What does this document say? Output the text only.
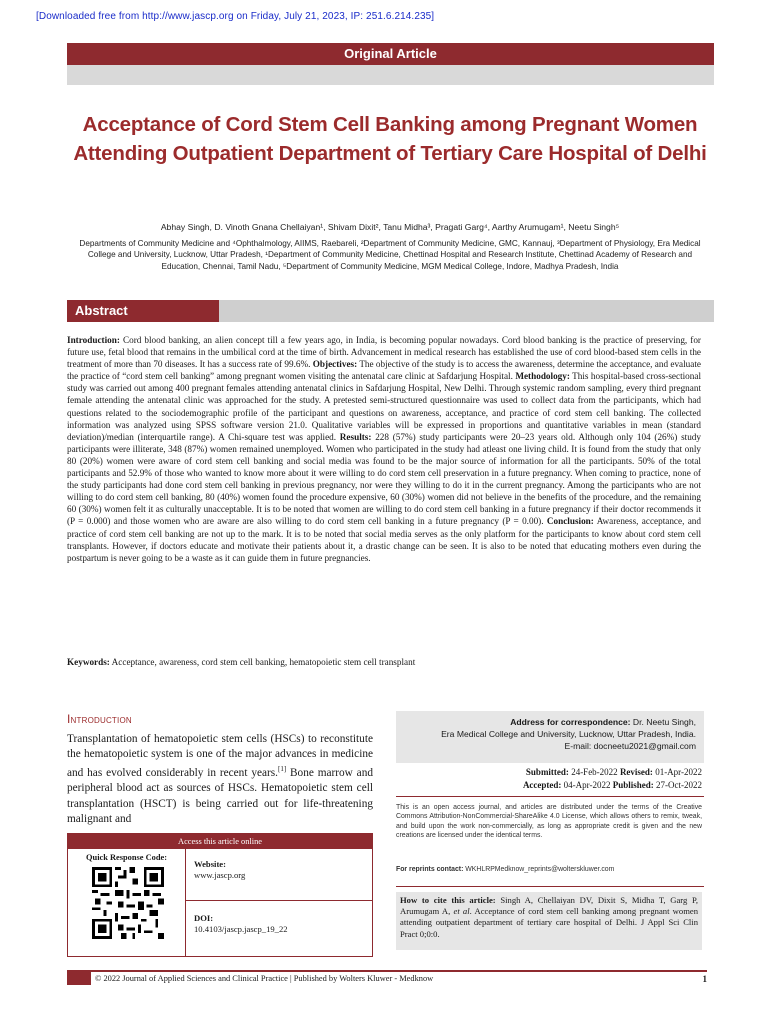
[Downloaded free from http://www.jascp.org on Friday, July 21, 2023, IP: 251.6.214.235]
Original Article
Acceptance of Cord Stem Cell Banking among Pregnant Women Attending Outpatient Department of Tertiary Care Hospital of Delhi
Abhay Singh, D. Vinoth Gnana Chellaiyan¹, Shivam Dixit², Tanu Midha³, Pragati Garg⁴, Aarthy Arumugam¹, Neetu Singh⁵
Departments of Community Medicine and ⁴Ophthalmology, AIIMS, Raebareli, ²Department of Community Medicine, GMC, Kannauj, ³Department of Physiology, Era Medical College and University, Lucknow, Uttar Pradesh, ¹Department of Community Medicine, Chettinad Hospital and Research Institute, Chettinad Academy of Research and Education, Chennai, Tamil Nadu, ⁵Department of Community Medicine, MGM Medical College, Indore, Madhya Pradesh, India
Abstract
Introduction: Cord blood banking, an alien concept till a few years ago, in India, is becoming popular nowadays. Cord blood banking is the practice of preserving, for future use, fetal blood that remains in the umbilical cord at the time of birth. Advancement in medical research has established the use of cord blood-based stem cells in the treatment of more than 70 diseases. It has a success rate of 99.6%. Objectives: The objective of the study is to access the awareness, determine the acceptance, and evaluate the practice of “cord stem cell banking” among pregnant women visiting the antenatal care clinic at Safdarjung Hospital. Methodology: This hospital-based cross-sectional study was carried out among 400 pregnant females attending antenatal clinics in Safdarjung Hospital, New Delhi. Through systemic random sampling, every third pregnant female attending the antenatal clinic was approached for the study. A pretested semi-structured questionnaire was used to collect data from the participants, which had questions related to the sociodemographic profile of the participant and questions on awareness, acceptance, and practice of cord stem cell banking. The collected information was analyzed using SPSS software version 21.0. Qualitative variables will be expressed in proportions and quantitative variables in mean (standard deviation)/median (interquartile range). A Chi-square test was applied. Results: 228 (57%) study participants were 20–23 years old. Although only 104 (26%) study participants were illiterate, 348 (87%) women remained unemployed. Women who participated in the study had atleast one living child. It is found from the study that only 80 (20%) women were aware of cord stem cell banking and social media was found to be the major source of information for all the participants. 50% of the total participants and 52.9% of those who wanted to know more about it were willing to do cord stem cell preservation in a future pregnancy. When coming to practice, none of the study participants had done cord stem cell banking in previous pregnancy, nor were they willing to do it in the current pregnancy. Among the participants who are not willing to do cord stem cell banking, 80 (40%) women found the procedure expensive, 60 (30%) women did not believe in the benefits of the procedure, and the remaining 60 (30%) women felt it as culturally unacceptable. It is to be noted that women are willing to do cord stem cell banking in a future pregnancy if their doctor recommends it (P = 0.000) and those women who are aware are also willing to do cord stem cell banking in a future pregnancy (P = 0.00). Conclusion: Awareness, acceptance, and practice of cord stem cell banking are not up to the mark. It is to be noted that social media serves as the only platform for the participants to know about cord stem cell transplants. However, if doctors educate and motivate their patients about it, a drastic change can be seen. It is also to be noted that educating mothers even during the postpartum is never going to be a waste as it can guide them in future pregnancies.
Keywords: Acceptance, awareness, cord stem cell banking, hematopoietic stem cell transplant
Introduction
Transplantation of hematopoietic stem cells (HSCs) to reconstitute the hematopoietic system is one of the major advances in medicine and has evolved considerably in recent years.[1] Bone marrow and peripheral blood act as sources of HSCs. Hematopoietic stem cell transplantation (HSCT) is being carried out for life-threatening malignant and
Access this article online
Quick Response Code:
Website:
www.jascp.org
DOI:
10.4103/jascp.jascp_19_22
Address for correspondence: Dr. Neetu Singh,
Era Medical College and University, Lucknow, Uttar Pradesh, India.
E-mail: docneetu2021@gmail.com
Submitted: 24-Feb-2022 Revised: 01-Apr-2022
Accepted: 04-Apr-2022 Published: 27-Oct-2022
This is an open access journal, and articles are distributed under the terms of the Creative Commons Attribution-NonCommercial-ShareAlike 4.0 License, which allows others to remix, tweak, and build upon the work non-commercially, as long as appropriate credit is given and the new creations are licensed under the identical terms.
For reprints contact: WKHLRPMedknow_reprints@wolterskluwer.com
How to cite this article: Singh A, Chellaiyan DV, Dixit S, Midha T, Garg P, Arumugam A, et al. Acceptance of cord stem cell banking among pregnant women attending outpatient department of tertiary care hospital of Delhi. J Appl Sci Clin Pract 0;0:0.
© 2022 Journal of Applied Sciences and Clinical Practice | Published by Wolters Kluwer - Medknow	1
